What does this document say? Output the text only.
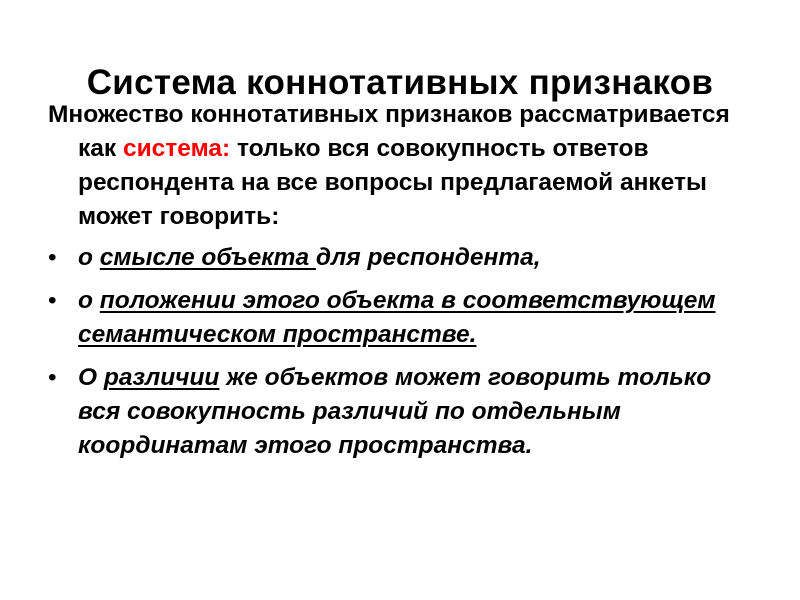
Система коннотативных признаков

Множество коннотативных признаков рассматривается как система: только вся совокупность ответов респондента на все вопросы предлагаемой анкеты может говорить:

• о смысле объекта для респондента,
• о положении этого объекта в соответствующем семантическом пространстве.
• О различии же объектов может говорить только вся совокупность различий по отдельным координатам этого пространства.
